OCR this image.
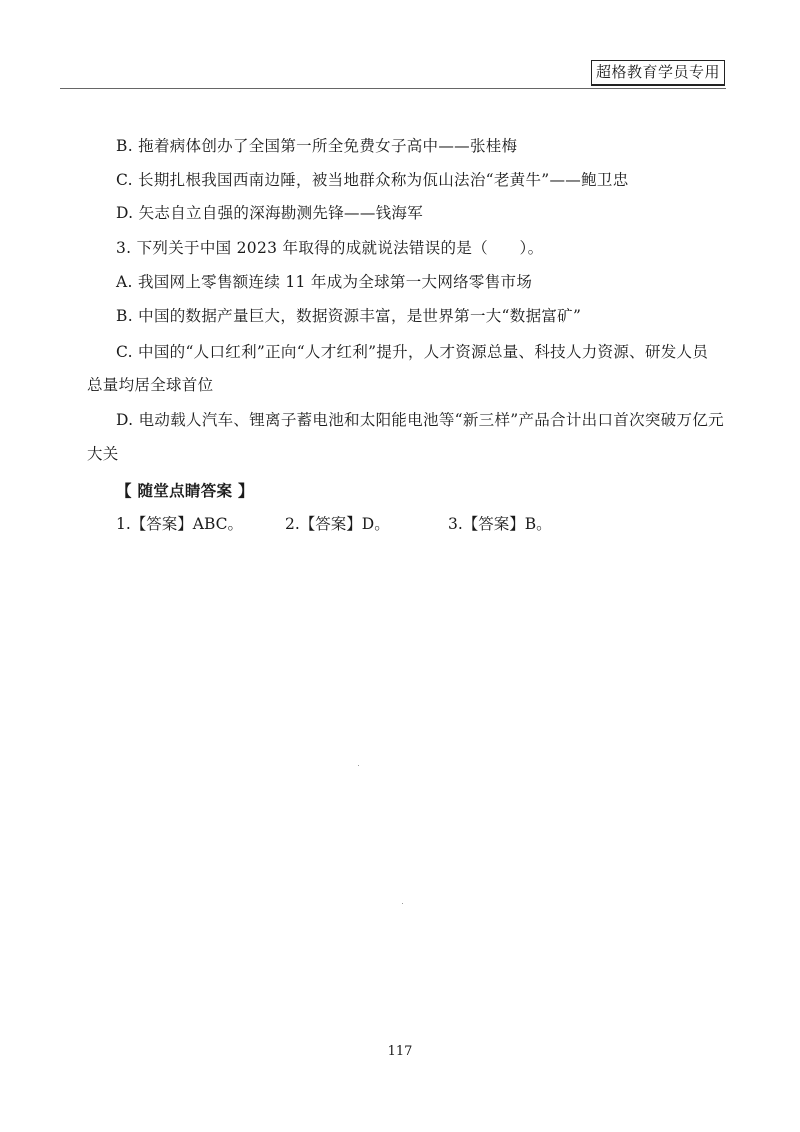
超格教育学员专用
B. 拖着病体创办了全国第一所全免费女子高中——张桂梅
C. 长期扎根我国西南边陲，被当地群众称为佤山法治“老黄牛”——鲍卫忠
D. 矢志自立自强的深海勘测先锋——钱海军
3. 下列关于中国 2023 年取得的成就说法错误的是（　　）。
A. 我国网上零售额连续 11 年成为全球第一大网络零售市场
B. 中国的数据产量巨大，数据资源丰富，是世界第一大“数据富矿”
C. 中国的“人口红利”正向“人才红利”提升，人才资源总量、科技人力资源、研发人员
总量均居全球首位
D. 电动载人汽车、锂离子蓄电池和太阳能电池等“新三样”产品合计出口首次突破万亿元
大关
【 随堂点睛答案 】
1.【答案】ABC。	2.【答案】D。	3.【答案】B。
117
